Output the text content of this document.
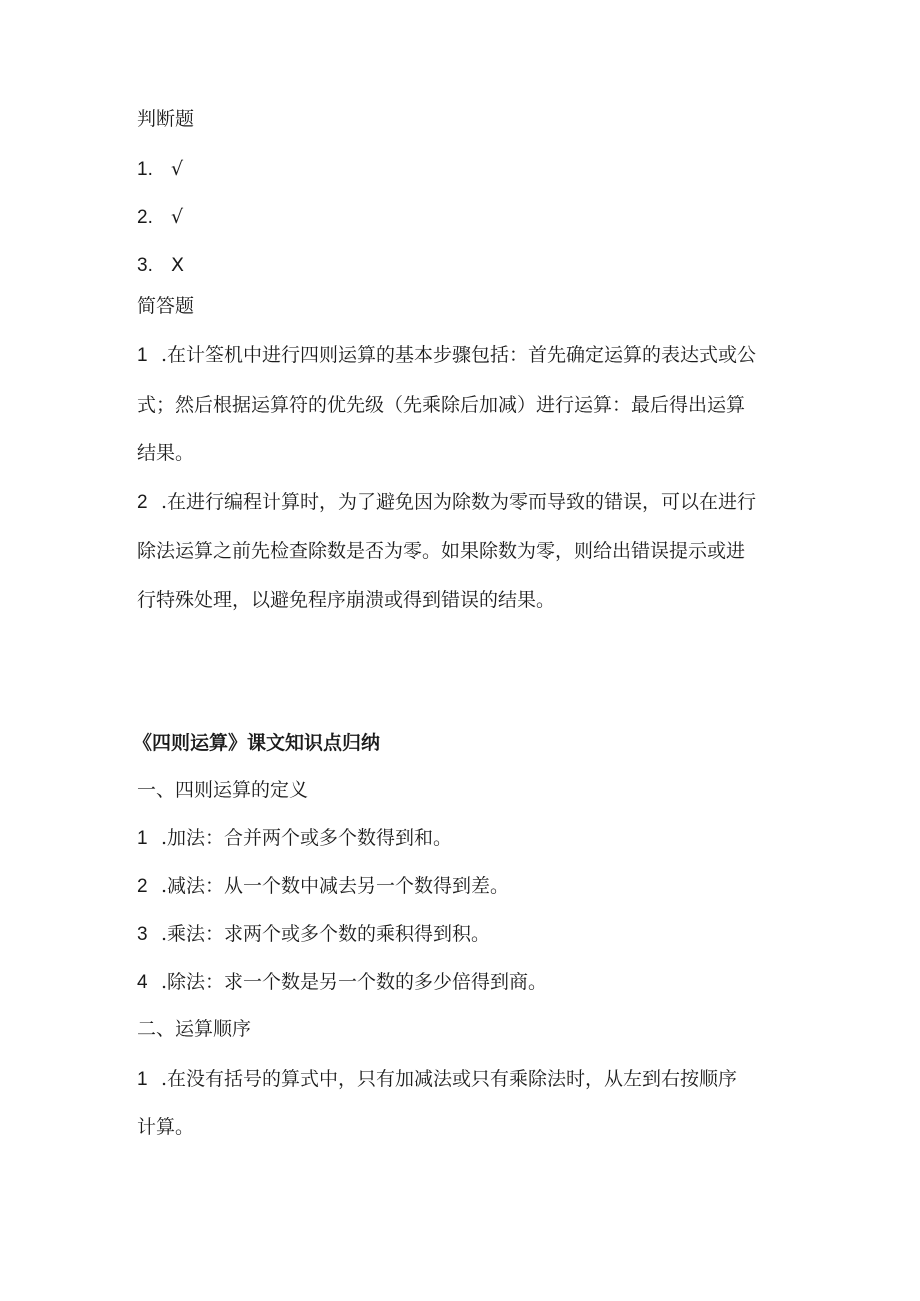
判断题
1. √
2. √
3. X
简答题
1 .在计筌机中进行四则运算的基本步骤包括：首先确定运算的表达式或公
式；然后根据运算符的优先级（先乘除后加减）进行运算：最后得出运算
结果。
2 .在进行编程计算时，为了避免因为除数为零而导致的错误，可以在进行
除法运算之前先检查除数是否为零。如果除数为零，则给出错误提示或进
行特殊处理，以避免程序崩溃或得到错误的结果。
《四则运算》课文知识点归纳
一、四则运算的定义
1 .加法：合并两个或多个数得到和。
2 .减法：从一个数中减去另一个数得到差。
3 .乘法：求两个或多个数的乘积得到积。
4 .除法：求一个数是另一个数的多少倍得到商。
二、运算顺序
1 .在没有括号的算式中，只有加减法或只有乘除法时，从左到右按顺序
计算。
